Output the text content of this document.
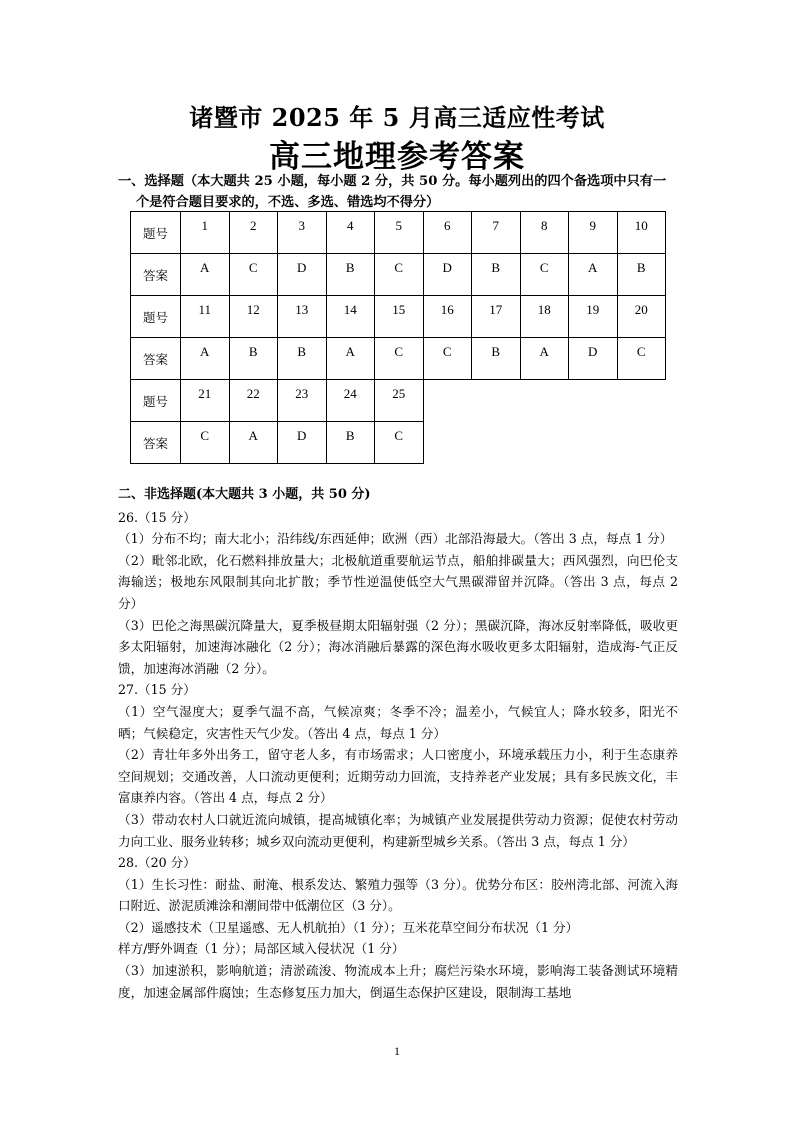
诸暨市 2025 年 5 月高三适应性考试
高三地理参考答案
一、选择题（本大题共 25 小题，每小题 2 分，共 50 分。每小题列出的四个备选项中只有一
个是符合题目要求的，不选、多选、错选均不得分）
题号	1	2	3	4	5	6	7	8	9	10

答案	A	C	D	B	C	D	B	C	A	B

题号	11	12	13	14	15	16	17	18	19	20

答案	A	B	B	A	C	C	B	A	D	C

题号	21	22	23	24	25					

答案	C	A	D	B	C					

二、非选择题(本大题共 3 小题，共 50 分)

26.（15 分）

（1）分布不均；南大北小；沿纬线/东西延伸；欧洲（西）北部沿海最大。（答出 3 点，每点 1 分）

（2）毗邻北欧，化石燃料排放量大；北极航道重要航运节点，船舶排碳量大；西风强烈，向巴伦支海输送；极地东风限制其向北扩散；季节性逆温使低空大气黑碳滞留并沉降。（答出 3 点，每点 2 分）

（3）巴伦之海黑碳沉降量大，夏季极昼期太阳辐射强（2 分）；黑碳沉降，海冰反射率降低，吸收更多太阳辐射，加速海冰融化（2 分）；海冰消融后暴露的深色海水吸收更多太阳辐射，造成海-气正反馈，加速海冰消融（2 分）。

27.（15 分）

（1）空气湿度大；夏季气温不高，气候凉爽；冬季不冷；温差小，气候宜人；降水较多，阳光不晒；气候稳定，灾害性天气少发。（答出 4 点，每点 1 分）

（2）青壮年多外出务工，留守老人多，有市场需求；人口密度小，环境承载压力小，利于生态康养空间规划；交通改善，人口流动更便利；近期劳动力回流，支持养老产业发展；具有多民族文化，丰富康养内容。（答出 4 点，每点 2 分）

（3）带动农村人口就近流向城镇，提高城镇化率；为城镇产业发展提供劳动力资源；促使农村劳动力向工业、服务业转移；城乡双向流动更便利，构建新型城乡关系。（答出 3 点，每点 1 分）

28.（20 分）

（1）生长习性：耐盐、耐淹、根系发达、繁殖力强等（3 分）。优势分布区：胶州湾北部、河流入海口附近、淤泥质滩涂和潮间带中低潮位区（3 分）。

（2）遥感技术（卫星遥感、无人机航拍）（1 分）；互米花草空间分布状况（1 分）

样方/野外调查（1 分）；局部区域入侵状况（1 分）

（3）加速淤积，影响航道；清淤疏浚、物流成本上升；腐烂污染水环境，影响海工装备测试环境精度，加速金属部件腐蚀；生态修复压力加大，倒逼生态保护区建设，限制海工基地

1
